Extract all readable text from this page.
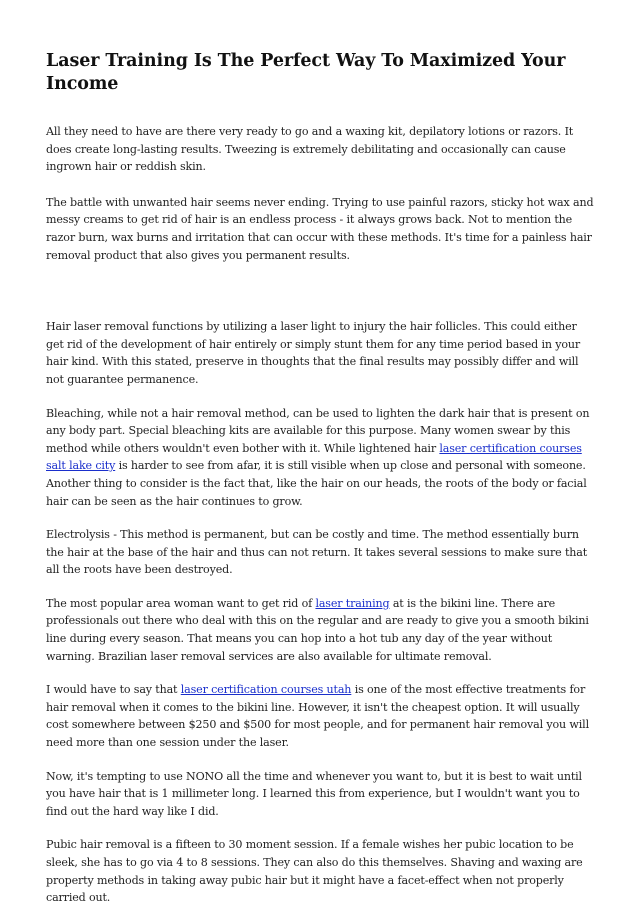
Laser Training Is The Perfect Way To Maximized Your Income

All they need to have are there very ready to go and a waxing kit, depilatory lotions or razors. It does create long-lasting results. Tweezing is extremely debilitating and occasionally can cause ingrown hair or reddish skin.

The battle with unwanted hair seems never ending. Trying to use painful razors, sticky hot wax and messy creams to get rid of hair is an endless process - it always grows back. Not to mention the razor burn, wax burns and irritation that can occur with these methods. It's time for a painless hair removal product that also gives you permanent results.

Hair laser removal functions by utilizing a laser light to injury the hair follicles. This could either get rid of the development of hair entirely or simply stunt them for any time period based in your hair kind. With this stated, preserve in thoughts that the final results may possibly differ and will not guarantee permanence.

Bleaching, while not a hair removal method, can be used to lighten the dark hair that is present on any body part. Special bleaching kits are available for this purpose. Many women swear by this method while others wouldn't even bother with it. While lightened hair laser certification courses salt lake city is harder to see from afar, it is still visible when up close and personal with someone. Another thing to consider is the fact that, like the hair on our heads, the roots of the body or facial hair can be seen as the hair continues to grow.

Electrolysis - This method is permanent, but can be costly and time. The method essentially burn the hair at the base of the hair and thus can not return. It takes several sessions to make sure that all the roots have been destroyed.

The most popular area woman want to get rid of laser training at is the bikini line. There are professionals out there who deal with this on the regular and are ready to give you a smooth bikini line during every season. That means you can hop into a hot tub any day of the year without warning. Brazilian laser removal services are also available for ultimate removal.

I would have to say that laser certification courses utah is one of the most effective treatments for hair removal when it comes to the bikini line. However, it isn't the cheapest option. It will usually cost somewhere between $250 and $500 for most people, and for permanent hair removal you will need more than one session under the laser.

Now, it's tempting to use NONO all the time and whenever you want to, but it is best to wait until you have hair that is 1 millimeter long. I learned this from experience, but I wouldn't want you to find out the hard way like I did.

Pubic hair removal is a fifteen to 30 moment session. If a female wishes her pubic location to be sleek, she has to go via 4 to 8 sessions. They can also do this themselves. Shaving and waxing are property methods in taking away pubic hair but it might have a facet-effect when not properly carried out.
